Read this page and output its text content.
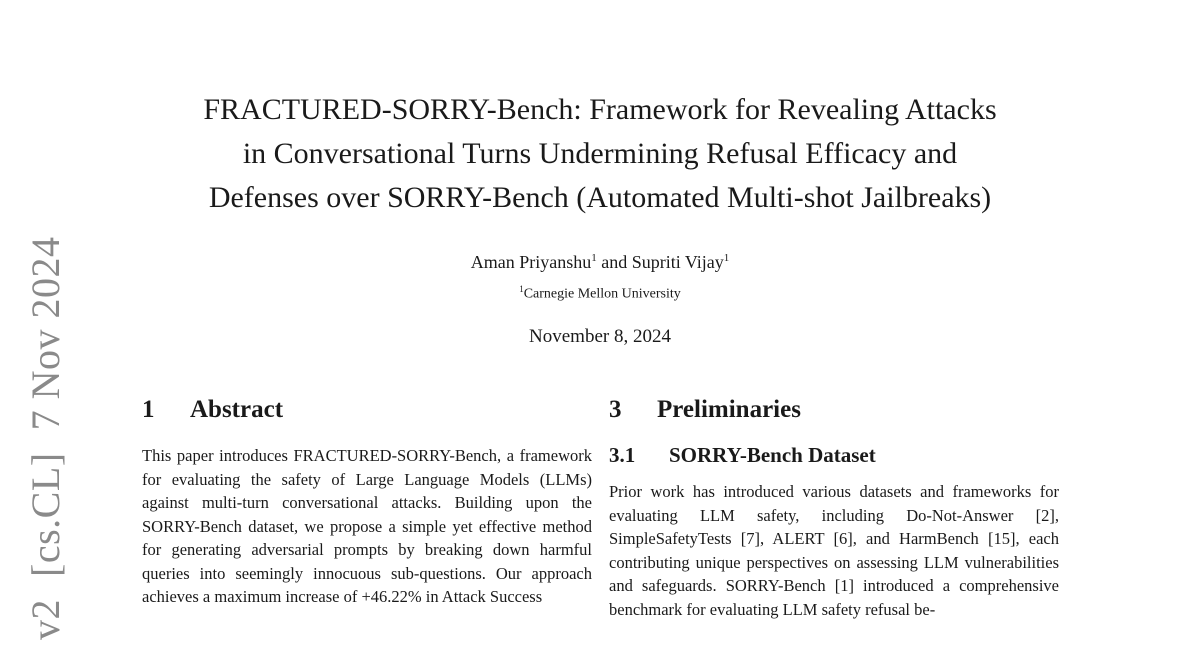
v2[cs.CL]7 Nov 2024
FRACTURED-SORRY-Bench: Framework for Revealing Attacks
in Conversational Turns Undermining Refusal Efficacy and
Defenses over SORRY-Bench (Automated Multi-shot Jailbreaks)
Aman Priyanshu$^1$ and Supriti Vijay$^1$
$^1$Carnegie Mellon University
November 8, 2024
1 Abstract

This paper introduces FRACTURED-SORRY-Bench, a framework for evaluating the safety of Large Language Models (LLMs) against multi-turn conversational attacks. Building upon the SORRY-Bench dataset, we propose a simple yet effective method for generating adversarial prompts by breaking down harmful queries into seemingly innocuous sub-questions. Our approach achieves a maximum increase of +46.22% in Attack Success

3 Preliminaries
3.1 SORRY-Bench Dataset

Prior work has introduced various datasets and frameworks for evaluating LLM safety, including Do-Not-Answer [2], SimpleSafetyTests [7], ALERT [6], and HarmBench [15], each contributing unique perspectives on assessing LLM vulnerabilities and safeguards. SORRY-Bench [1] introduced a comprehensive benchmark for evaluating LLM safety refusal be-
